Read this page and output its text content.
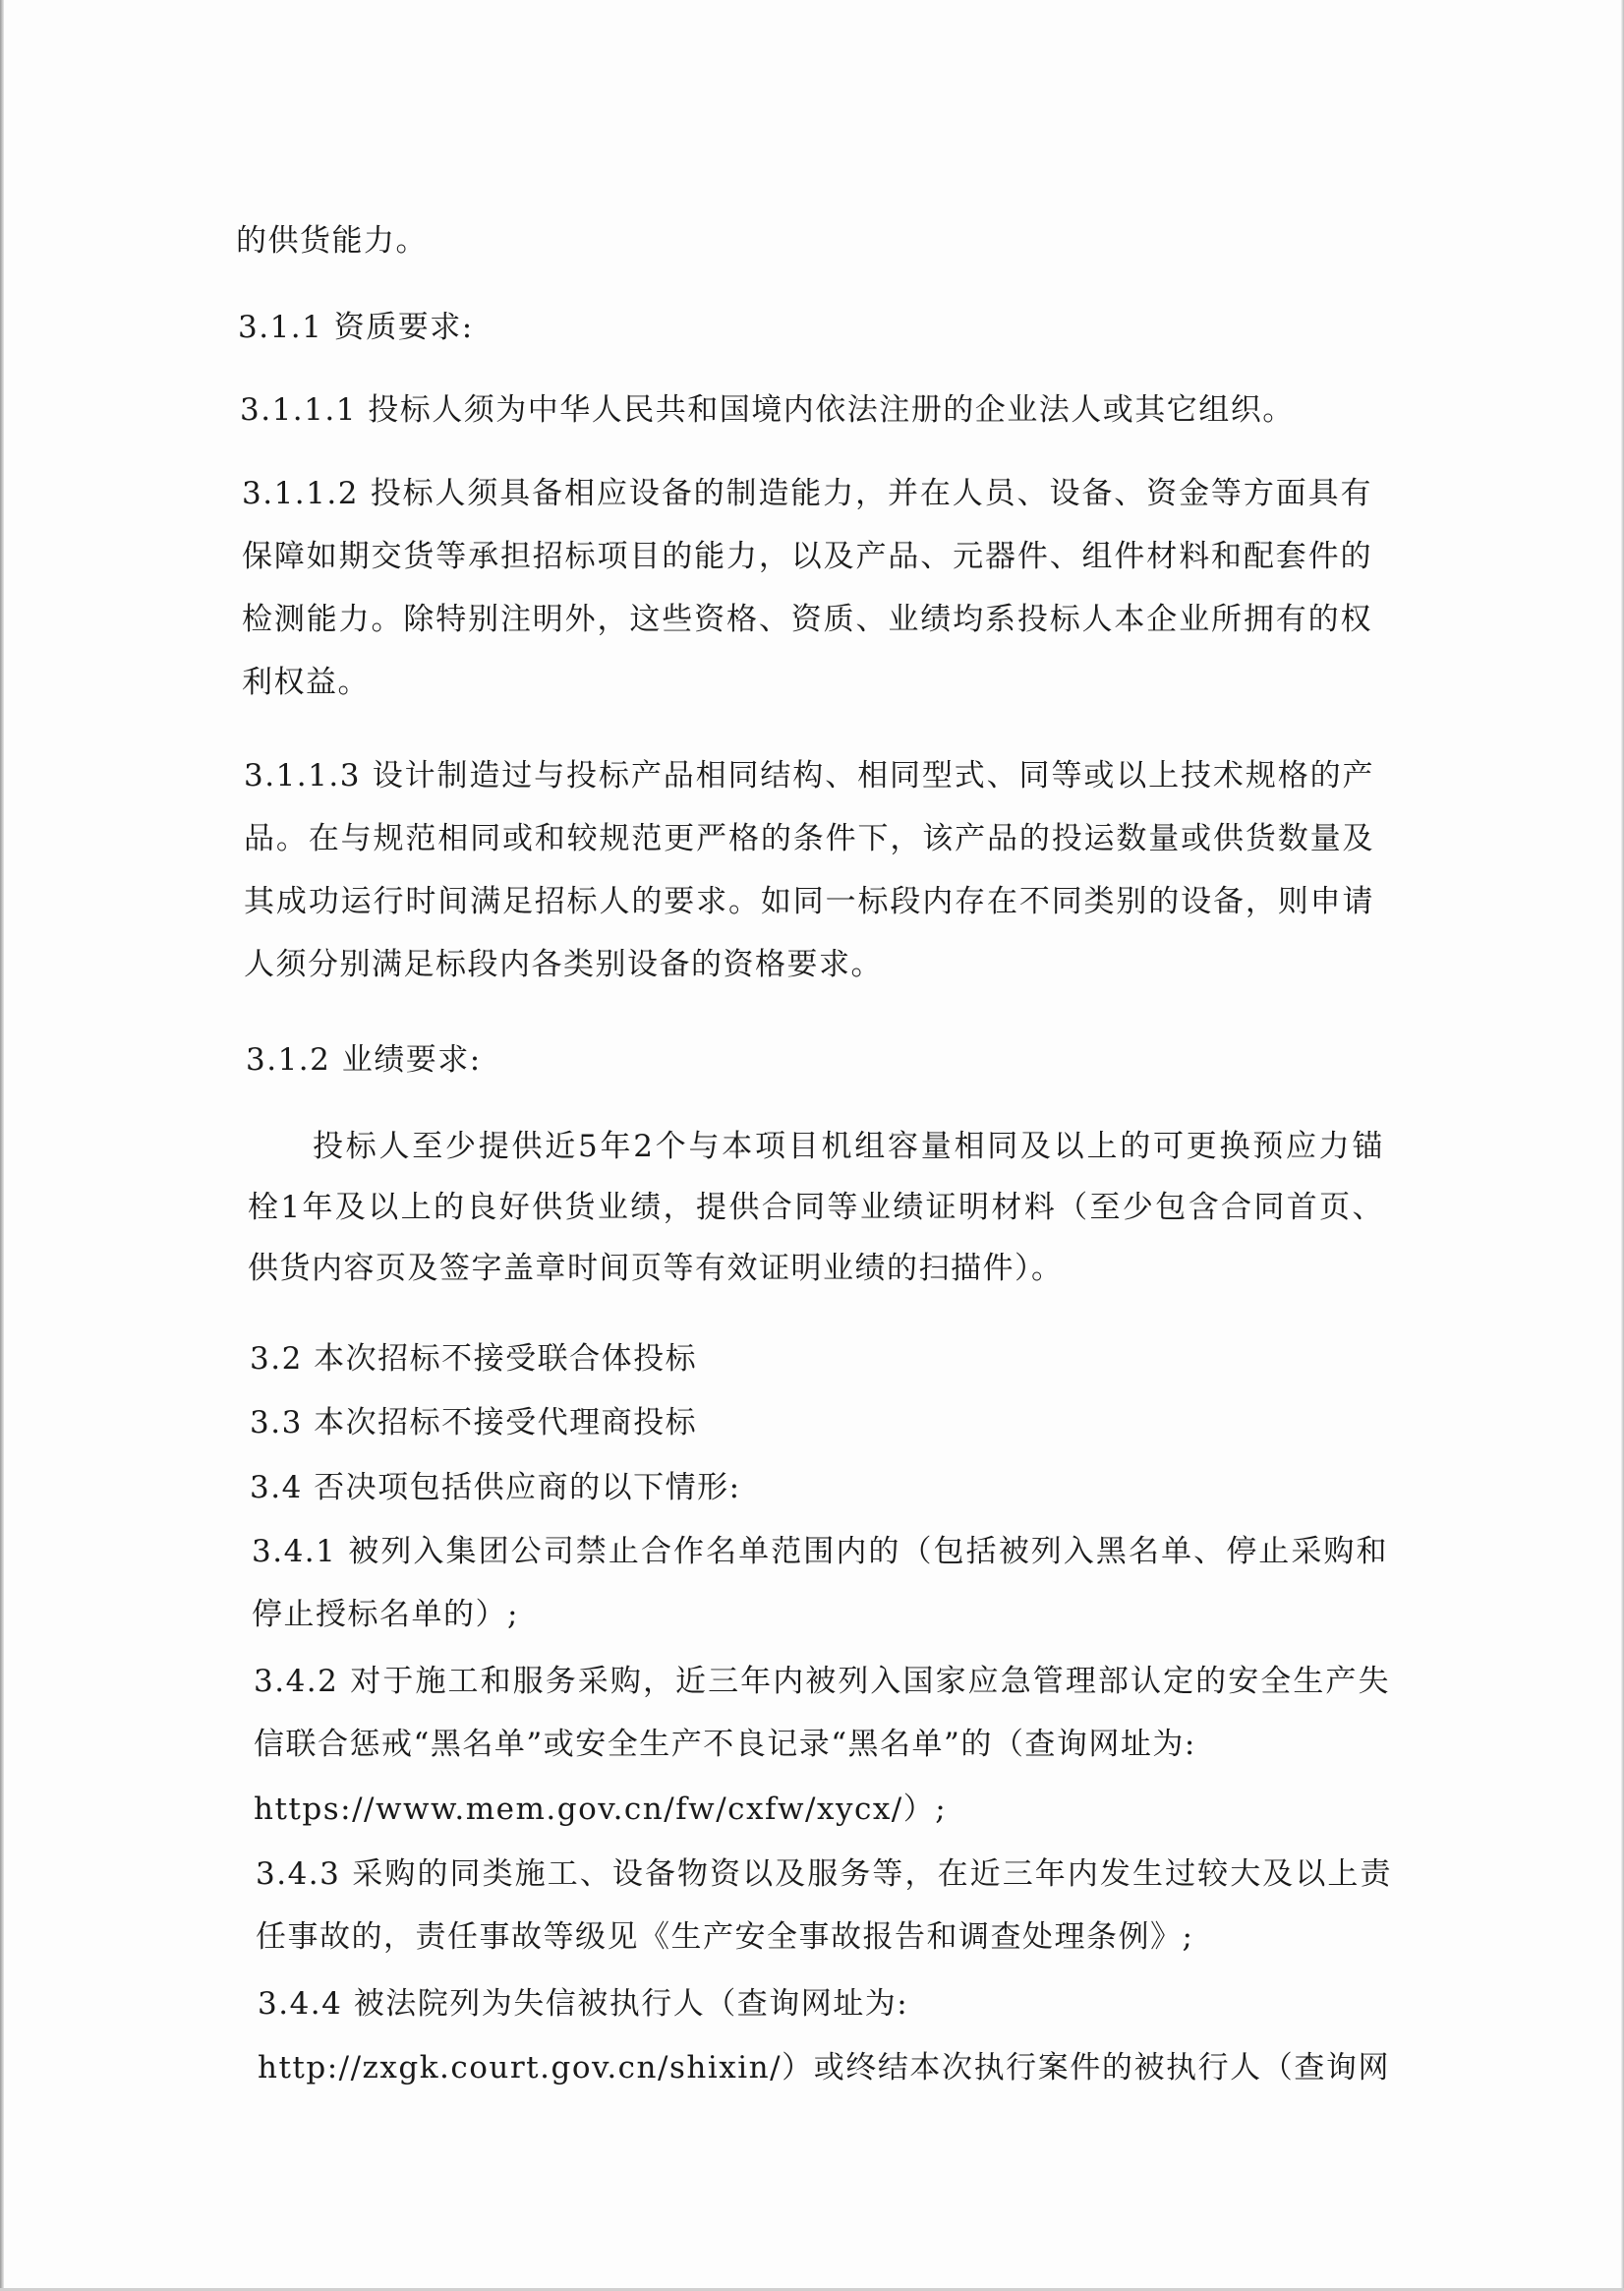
的供货能力。
3.1.1 资质要求:
3.1.1.1 投标人须为中华人民共和国境内依法注册的企业法人或其它组织。
3.1.1.2 投标人须具备相应设备的制造能力，并在人员、设备、资金等方面具有
保障如期交货等承担招标项目的能力，以及产品、元器件、组件材料和配套件的
检测能力。除特别注明外，这些资格、资质、业绩均系投标人本企业所拥有的权
利权益。
3.1.1.3 设计制造过与投标产品相同结构、相同型式、同等或以上技术规格的产
品。在与规范相同或和较规范更严格的条件下，该产品的投运数量或供货数量及
其成功运行时间满足招标人的要求。如同一标段内存在不同类别的设备，则申请
人须分别满足标段内各类别设备的资格要求。
3.1.2 业绩要求:
投标人至少提供近5年2个与本项目机组容量相同及以上的可更换预应力锚
栓1年及以上的良好供货业绩，提供合同等业绩证明材料（至少包含合同首页、
供货内容页及签字盖章时间页等有效证明业绩的扫描件）。
3.2 本次招标不接受联合体投标
3.3 本次招标不接受代理商投标
3.4 否决项包括供应商的以下情形:
3.4.1 被列入集团公司禁止合作名单范围内的（包括被列入黑名单、停止采购和
停止授标名单的）;
3.4.2 对于施工和服务采购，近三年内被列入国家应急管理部认定的安全生产失
信联合惩戒“黑名单”或安全生产不良记录“黑名单”的（查询网址为:
https://www.mem.gov.cn/fw/cxfw/xycx/）;
3.4.3 采购的同类施工、设备物资以及服务等，在近三年内发生过较大及以上责
任事故的，责任事故等级见《生产安全事故报告和调查处理条例》;
3.4.4 被法院列为失信被执行人（查询网址为:
http://zxgk.court.gov.cn/shixin/）或终结本次执行案件的被执行人（查询网
